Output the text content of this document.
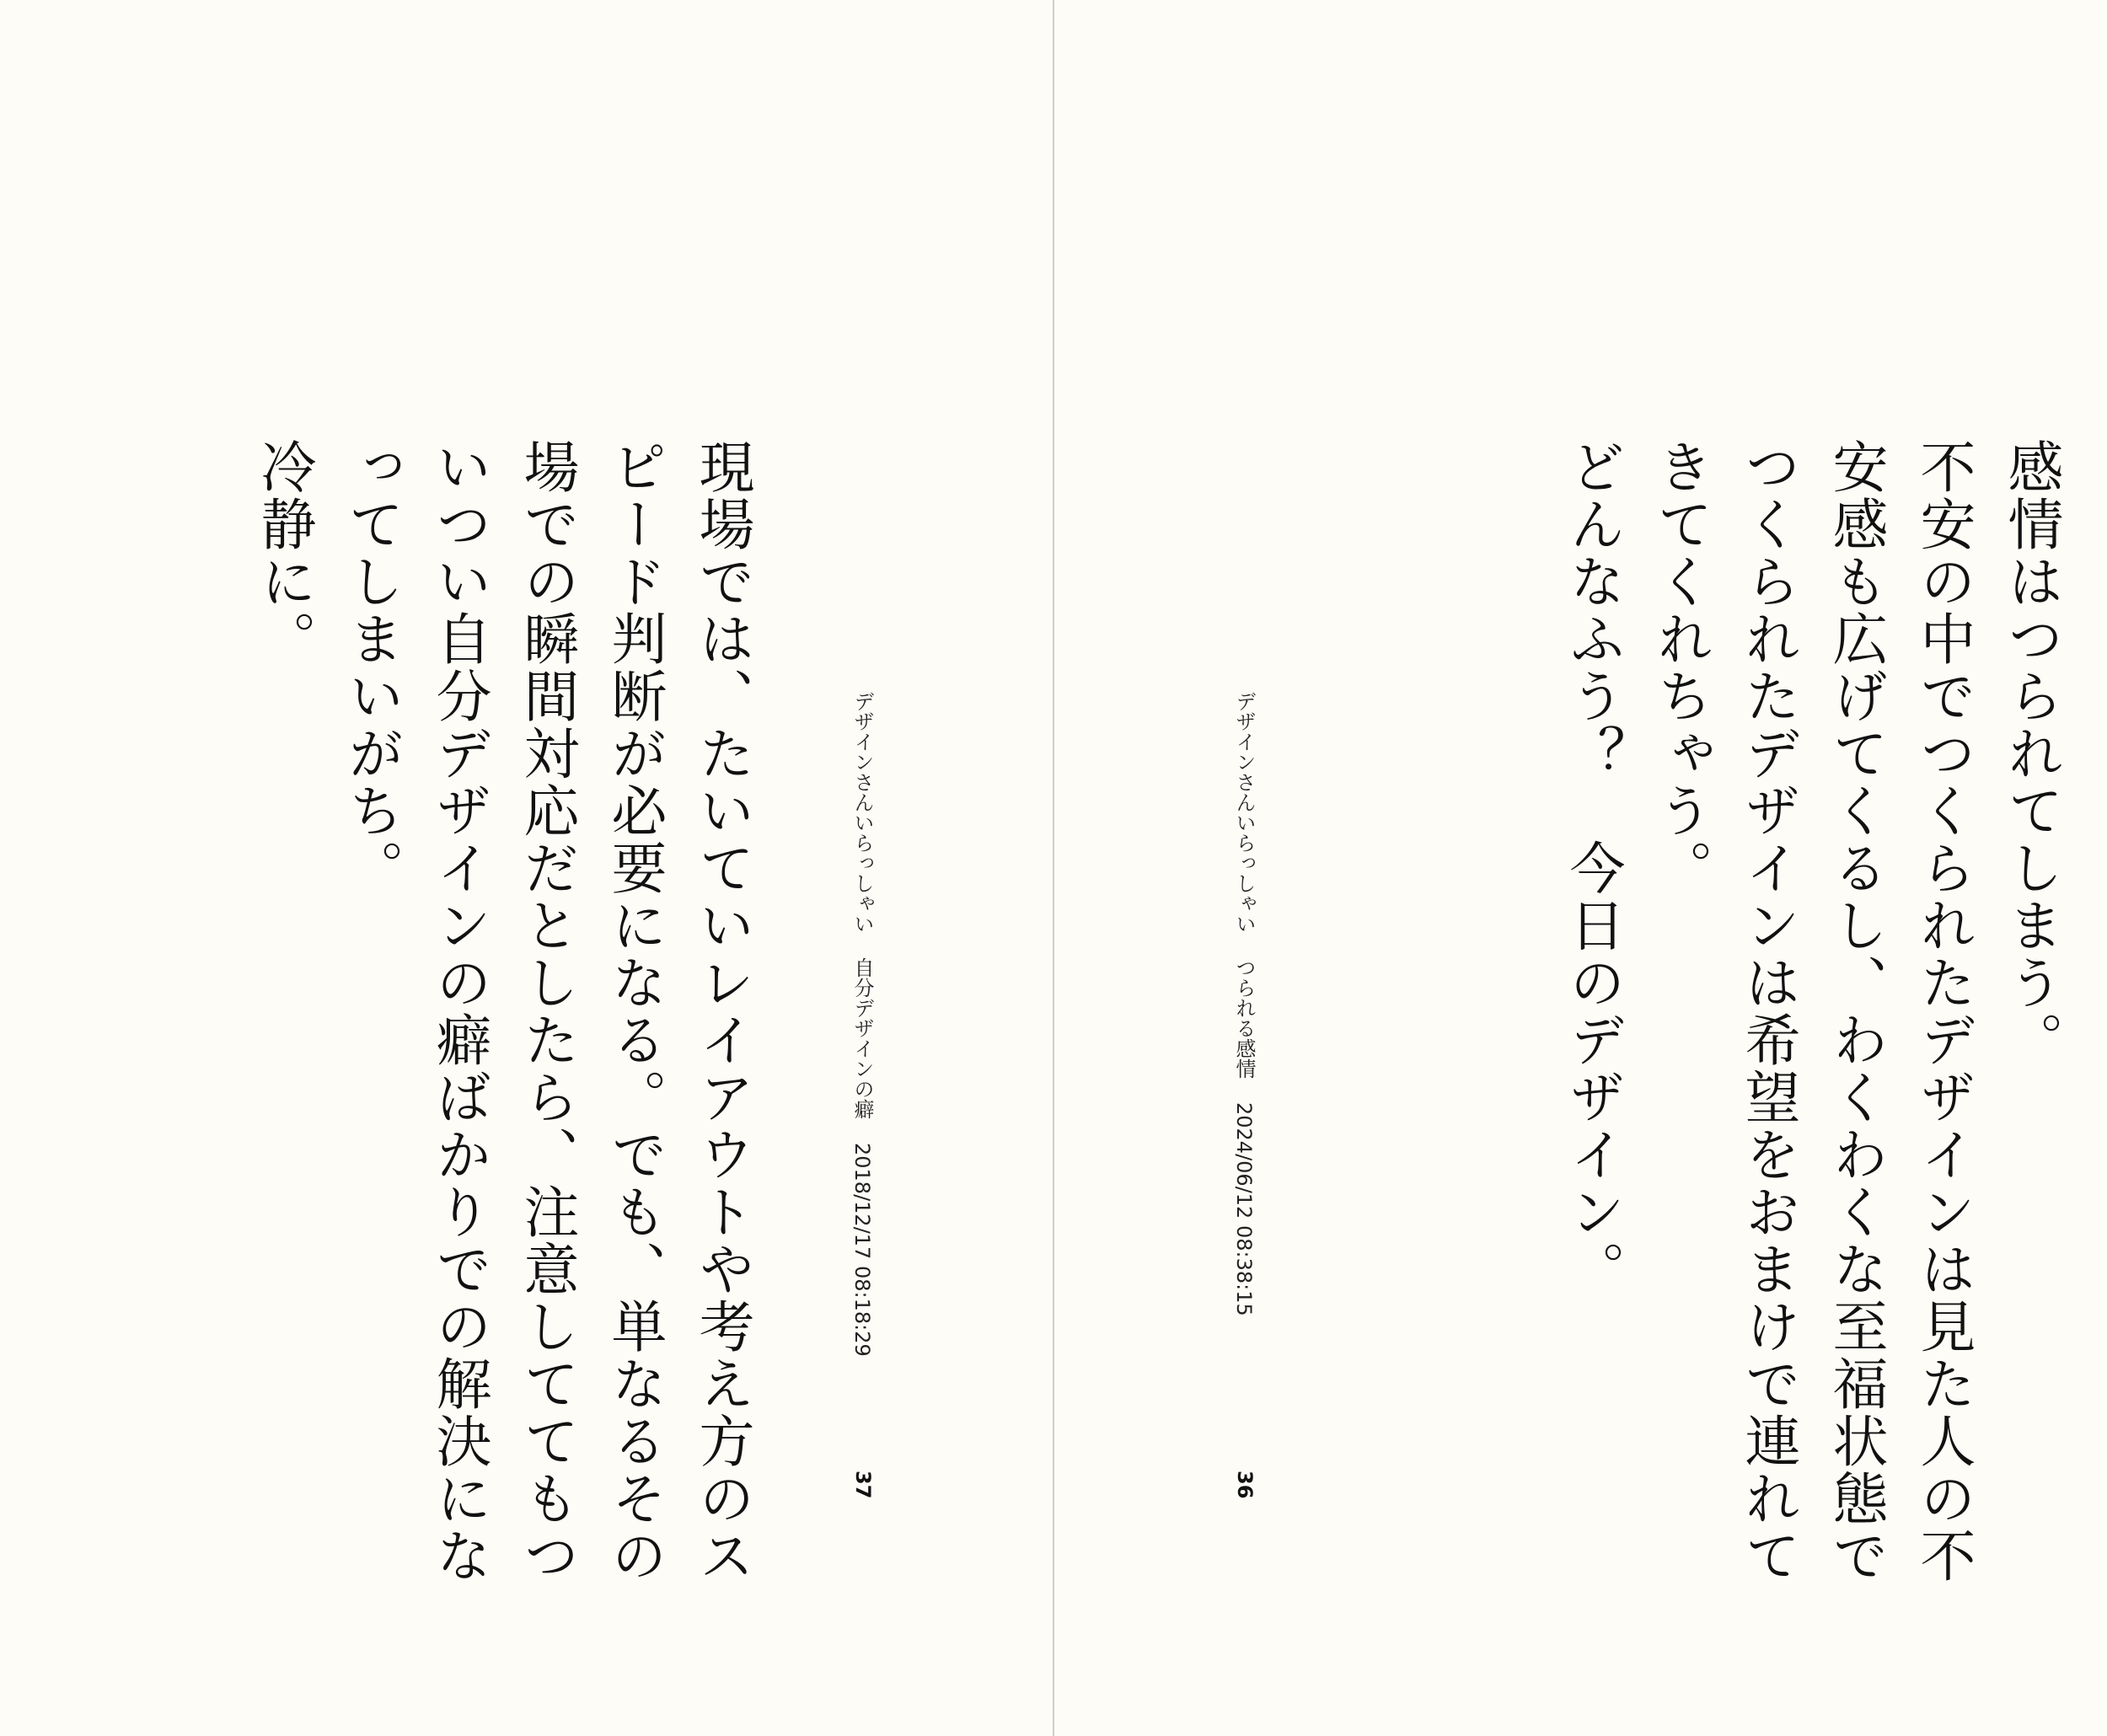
現場では、たいていレイアウトや考え方のス
ピード判断が必要になる。でも、単なるその
場での瞬間対応だとしたら、注意しててもつ
いつい自分デザインの癖ばかりでの解決にな
ってしまいがち。
冷静に。
デザインさんいらっしゃい自分デザインの癖2018/12/17 08:18:29
37
感情はつられてしまう。
不安の中でつくられたデザインは見た人の不
安感も広げてくるし、わくわくな至福状態で
つくられたデザインは希望をおまけで連れて
きてくれちゃう。
どんなふう？　今日のデザイン。
デザインさんいらっしゃいつられる感情2024/06/12 08:38:15
36
